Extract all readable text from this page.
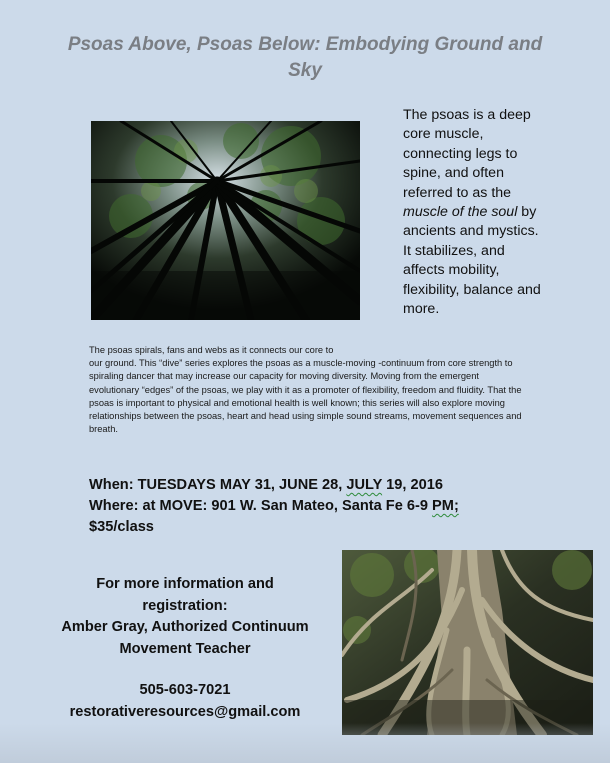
Psoas Above, Psoas Below: Embodying Ground and Sky
The psoas is a deep core muscle, connecting legs to spine, and often referred to as the muscle of the soul by ancients and mystics. It stabilizes, and affects mobility, flexibility, balance and more.

The psoas spirals, fans and webs as it connects our core to

our ground. This “dive” series explores the psoas as a muscle-moving -continuum from core strength to spiraling dancer that may increase our capacity for moving diversity. Moving from the emergent evolutionary “edges” of the psoas, we play with it as a promoter of flexibility, freedom and fluidity. That the psoas is important to physical and emotional health is well known; this series will also explore moving relationships between the psoas, heart and head using simple sound streams, movement sequences and breath.

When: TUESDAYS MAY 31, JUNE 28, JULY 19, 2016
Where: at MOVE: 901 W. San Mateo, Santa Fe 6-9 PM;
$35/class
For more information and
registration:
Amber Gray, Authorized Continuum
Movement Teacher
505-603-7021
restorativeresources@gmail.com
